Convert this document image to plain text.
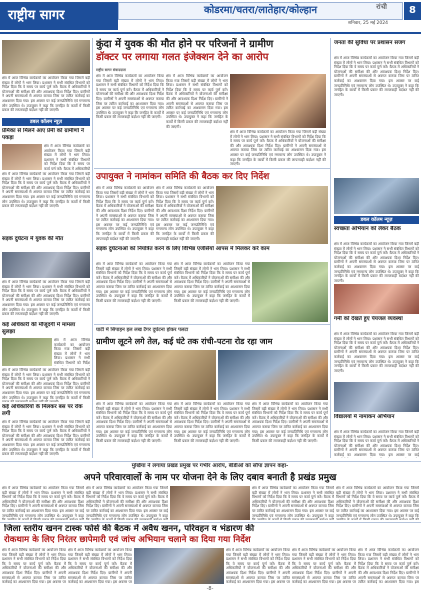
राष्ट्रीय सागर	कोडरमा/चतरा/लातेहार/कोल्हान	रांची
शनिवार, 25 मई 2024
8
क्षेत्र में आज विभिन्न कार्यक्रमों का आयोजन किया गया जिसमें बड़ी संख्या में लोगों ने भाग लिया। प्रशासन ने सभी संबंधित विभागों को निर्देश दिया कि वे समय पर कार्य पूर्ण करें। बैठक में अधिकारियों ने योजनाओं की समीक्षा की और आवश्यक दिशा निर्देश दिए। ग्रामीणों ने अपनी समस्याओं से अवगत कराया जिस पर त्वरित कार्रवाई का आश्वासन दिया गया। इस अवसर पर कई जनप्रतिनिधि एवं गणमान्य लोग उपस्थित थे। उपायुक्त ने कहा कि जनहित के कार्यों में किसी प्रकार की लापरवाही बर्दाश्त नहीं की जाएगी।
डबल कॉलम न्यूज़
प्रेमिका से मिलने आए प्रेमी को ग्रामीणों ने पकड़ा
क्षेत्र में आज विभिन्न कार्यक्रमों का आयोजन किया गया जिसमें बड़ी संख्या में लोगों ने भाग लिया। प्रशासन ने सभी संबंधित विभागों को निर्देश दिया कि वे समय पर कार्य पूर्ण करें। बैठक में अधिकारियों
क्षेत्र में आज विभिन्न कार्यक्रमों का आयोजन किया गया जिसमें बड़ी संख्या में लोगों ने भाग लिया। प्रशासन ने सभी संबंधित विभागों को निर्देश दिया कि वे समय पर कार्य पूर्ण करें। बैठक में अधिकारियों ने योजनाओं की समीक्षा की और आवश्यक दिशा निर्देश दिए। ग्रामीणों ने अपनी समस्याओं से अवगत कराया जिस पर त्वरित कार्रवाई का आश्वासन दिया गया। इस अवसर पर कई जनप्रतिनिधि एवं गणमान्य लोग उपस्थित थे। उपायुक्त ने कहा कि जनहित के कार्यों में किसी प्रकार की लापरवाही बर्दाश्त नहीं की जाएगी।
सड़क दुर्घटना में युवक की मौत
क्षेत्र में आज विभिन्न कार्यक्रमों का आयोजन किया गया जिसमें बड़ी संख्या में लोगों ने भाग लिया। प्रशासन ने सभी संबंधित विभागों को निर्देश दिया कि वे समय पर कार्य पूर्ण करें। बैठक में अधिकारियों ने योजनाओं की समीक्षा की और आवश्यक दिशा निर्देश दिए। ग्रामीणों ने अपनी समस्याओं से अवगत कराया जिस पर त्वरित कार्रवाई का आश्वासन दिया गया। इस अवसर पर कई जनप्रतिनिधि एवं गणमान्य लोग उपस्थित थे। उपायुक्त ने कहा कि जनहित के कार्यों में किसी प्रकार की लापरवाही बर्दाश्त नहीं की जाएगी।
कई अधिकारी की मौजूदगी में मामला सुलझा
क्षेत्र में आज विभिन्न कार्यक्रमों का आयोजन किया गया जिसमें बड़ी संख्या में लोगों ने भाग लिया। प्रशासन ने सभी संबंधित विभागों को निर्देश
क्षेत्र में आज विभिन्न कार्यक्रमों का आयोजन किया गया जिसमें बड़ी संख्या में लोगों ने भाग लिया। प्रशासन ने सभी संबंधित विभागों को निर्देश दिया कि वे समय पर कार्य पूर्ण करें। बैठक में अधिकारियों ने योजनाओं की समीक्षा की और आवश्यक दिशा निर्देश दिए। ग्रामीणों ने अपनी समस्याओं से अवगत कराया जिस पर त्वरित कार्रवाई का आश्वासन दिया गया। इस अवसर पर कई जनप्रतिनिधि एवं गणमान्य लोग उपस्थित थे। उपायुक्त ने कहा कि जनहित के कार्यों में किसी
कई अधिकारियों के मिलकर बस पर रोक लगी
क्षेत्र में आज विभिन्न कार्यक्रमों का आयोजन किया गया जिसमें बड़ी संख्या में लोगों ने भाग लिया। प्रशासन ने सभी संबंधित विभागों को निर्देश दिया कि वे समय पर कार्य पूर्ण करें। बैठक में अधिकारियों ने योजनाओं की समीक्षा की और आवश्यक दिशा निर्देश दिए। ग्रामीणों ने अपनी समस्याओं से अवगत कराया जिस पर त्वरित कार्रवाई का आश्वासन दिया गया। इस अवसर पर कई जनप्रतिनिधि एवं गणमान्य लोग उपस्थित थे। उपायुक्त ने कहा कि जनहित के कार्यों में किसी प्रकार की लापरवाही बर्दाश्त नहीं की जाएगी।
कुंदा में युवक की मौत होने पर परिजनों ने ग्रामीण
डॉक्टर पर लगाया गलत इंजेक्शन देने का आरोप
राष्ट्रीय सागर संवाददाता
क्षेत्र में आज विभिन्न कार्यक्रमों का आयोजन किया गया जिसमें बड़ी संख्या में लोगों ने भाग लिया। प्रशासन ने सभी संबंधित विभागों को निर्देश दिया कि वे समय पर कार्य पूर्ण करें। बैठक में अधिकारियों ने योजनाओं की समीक्षा की और आवश्यक दिशा निर्देश दिए। ग्रामीणों ने अपनी समस्याओं से अवगत कराया जिस पर त्वरित कार्रवाई का आश्वासन दिया गया। इस अवसर पर कई जनप्रतिनिधि एवं गणमान्य लोग उपस्थित थे। उपायुक्त ने कहा कि जनहित के कार्यों में किसी प्रकार की लापरवाही बर्दाश्त नहीं की जाएगी।
क्षेत्र में आज विभिन्न कार्यक्रमों का आयोजन किया गया जिसमें बड़ी संख्या में लोगों ने भाग लिया। प्रशासन ने सभी संबंधित विभागों को निर्देश दिया कि वे समय पर कार्य पूर्ण करें। बैठक में अधिकारियों ने योजनाओं की समीक्षा की और आवश्यक दिशा निर्देश दिए। ग्रामीणों ने अपनी समस्याओं से अवगत कराया जिस पर त्वरित कार्रवाई का आश्वासन दिया गया। इस अवसर पर कई जनप्रतिनिधि एवं गणमान्य लोग उपस्थित थे। उपायुक्त ने कहा कि जनहित के कार्यों में किसी प्रकार की लापरवाही बर्दाश्त नहीं की जाएगी।
क्षेत्र में आज विभिन्न कार्यक्रमों का आयोजन किया गया जिसमें बड़ी संख्या में लोगों ने भाग लिया। प्रशासन ने सभी संबंधित विभागों को निर्देश दिया कि वे समय पर कार्य पूर्ण करें। बैठक में अधिकारियों ने योजनाओं की समीक्षा की और आवश्यक दिशा निर्देश दिए। ग्रामीणों ने अपनी समस्याओं से अवगत कराया जिस पर त्वरित कार्रवाई का आश्वासन दिया गया। इस अवसर पर कई जनप्रतिनिधि एवं गणमान्य लोग उपस्थित थे। उपायुक्त ने कहा कि जनहित के कार्यों में किसी प्रकार की लापरवाही बर्दाश्त नहीं की जाएगी।
जनता की सुविधा पर प्रशासन सजग
क्षेत्र में आज विभिन्न कार्यक्रमों का आयोजन किया गया जिसमें बड़ी संख्या में लोगों ने भाग लिया। प्रशासन ने सभी संबंधित विभागों को निर्देश दिया कि वे समय पर कार्य पूर्ण करें। बैठक में अधिकारियों ने योजनाओं की समीक्षा की और आवश्यक दिशा निर्देश दिए। ग्रामीणों ने अपनी समस्याओं से अवगत कराया जिस पर त्वरित कार्रवाई का आश्वासन दिया गया। इस अवसर पर कई जनप्रतिनिधि एवं गणमान्य लोग उपस्थित थे। उपायुक्त ने कहा कि जनहित के कार्यों में किसी प्रकार की लापरवाही बर्दाश्त नहीं की जाएगी।
डबल कॉलम न्यूज़
उपायुक्त ने नामांकन समिति की बैठक कर दिए निर्देश
क्षेत्र में आज विभिन्न कार्यक्रमों का आयोजन किया गया जिसमें बड़ी संख्या में लोगों ने भाग लिया। प्रशासन ने सभी संबंधित विभागों को निर्देश दिया कि वे समय पर कार्य पूर्ण करें। बैठक में अधिकारियों ने योजनाओं की समीक्षा की और आवश्यक दिशा निर्देश दिए। ग्रामीणों ने अपनी समस्याओं से अवगत कराया जिस पर त्वरित कार्रवाई का आश्वासन दिया गया। इस अवसर पर कई जनप्रतिनिधि एवं गणमान्य लोग उपस्थित थे। उपायुक्त ने कहा कि जनहित के कार्यों में किसी प्रकार की लापरवाही बर्दाश्त नहीं की जाएगी।
क्षेत्र में आज विभिन्न कार्यक्रमों का आयोजन किया गया जिसमें बड़ी संख्या में लोगों ने भाग लिया। प्रशासन ने सभी संबंधित विभागों को निर्देश दिया कि वे समय पर कार्य पूर्ण करें। बैठक में अधिकारियों ने योजनाओं की समीक्षा की और आवश्यक दिशा निर्देश दिए। ग्रामीणों ने अपनी समस्याओं से अवगत कराया जिस पर त्वरित कार्रवाई का आश्वासन दिया गया। इस अवसर पर कई जनप्रतिनिधि एवं गणमान्य लोग उपस्थित थे। उपायुक्त ने कहा कि जनहित के कार्यों में किसी प्रकार की लापरवाही बर्दाश्त नहीं की जाएगी।
सड़क दुर्घटनाओं को नियंत्रित करने के लिए विभिन्न एजेंसियों आपस में मिलकर करें काम
क्षेत्र में आज विभिन्न कार्यक्रमों का आयोजन किया गया जिसमें बड़ी संख्या में लोगों ने भाग लिया। प्रशासन ने सभी संबंधित विभागों को निर्देश दिया कि वे समय पर कार्य पूर्ण करें। बैठक में अधिकारियों ने योजनाओं की समीक्षा की और आवश्यक दिशा निर्देश दिए। ग्रामीणों ने अपनी समस्याओं से अवगत कराया जिस पर त्वरित कार्रवाई का आश्वासन दिया गया। इस अवसर पर कई जनप्रतिनिधि एवं गणमान्य लोग उपस्थित थे। उपायुक्त ने कहा कि जनहित के कार्यों में किसी प्रकार की लापरवाही बर्दाश्त नहीं की जाएगी।
क्षेत्र में आज विभिन्न कार्यक्रमों का आयोजन किया गया जिसमें बड़ी संख्या में लोगों ने भाग लिया। प्रशासन ने सभी संबंधित विभागों को निर्देश दिया कि वे समय पर कार्य पूर्ण करें। बैठक में अधिकारियों ने योजनाओं की समीक्षा की और आवश्यक दिशा निर्देश दिए। ग्रामीणों ने अपनी समस्याओं से अवगत कराया जिस पर त्वरित कार्रवाई का आश्वासन दिया गया। इस अवसर पर कई जनप्रतिनिधि एवं गणमान्य लोग उपस्थित थे। उपायुक्त ने कहा कि जनहित के कार्यों में किसी प्रकार की लापरवाही बर्दाश्त नहीं की जाएगी।
स्वच्छता अभियान को लेकर बैठक
क्षेत्र में आज विभिन्न कार्यक्रमों का आयोजन किया गया जिसमें बड़ी संख्या में लोगों ने भाग लिया। प्रशासन ने सभी संबंधित विभागों को निर्देश दिया कि वे समय पर कार्य पूर्ण करें। बैठक में अधिकारियों ने योजनाओं की समीक्षा की और आवश्यक दिशा निर्देश दिए। ग्रामीणों ने अपनी समस्याओं से अवगत कराया जिस पर त्वरित कार्रवाई का आश्वासन दिया गया। इस अवसर पर कई जनप्रतिनिधि एवं गणमान्य लोग उपस्थित थे। उपायुक्त ने कहा कि जनहित के कार्यों में किसी प्रकार की लापरवाही बर्दाश्त नहीं की जाएगी।
गर्मी को देखते हुए पेयजल व्यवस्था
क्षेत्र में आज विभिन्न कार्यक्रमों का आयोजन किया गया जिसमें बड़ी संख्या में लोगों ने भाग लिया। प्रशासन ने सभी संबंधित विभागों को निर्देश दिया कि वे समय पर कार्य पूर्ण करें। बैठक में अधिकारियों ने योजनाओं की समीक्षा की और आवश्यक दिशा निर्देश दिए। ग्रामीणों ने अपनी समस्याओं से अवगत कराया जिस पर त्वरित कार्रवाई का आश्वासन दिया गया। इस अवसर पर कई जनप्रतिनिधि एवं गणमान्य लोग उपस्थित थे। उपायुक्त ने कहा कि जनहित के कार्यों में किसी प्रकार की लापरवाही बर्दाश्त नहीं की जाएगी।
विद्यालयों में नामांकन अभियान
क्षेत्र में आज विभिन्न कार्यक्रमों का आयोजन किया गया जिसमें बड़ी संख्या में लोगों ने भाग लिया। प्रशासन ने सभी संबंधित विभागों को निर्देश दिया कि वे समय पर कार्य पूर्ण करें। बैठक में अधिकारियों ने योजनाओं की समीक्षा की और आवश्यक दिशा निर्देश दिए। ग्रामीणों ने अपनी समस्याओं से अवगत कराया जिस पर त्वरित कार्रवाई का आश्वासन दिया गया। इस अवसर पर कई
घाटी में सिपाहन हल लख टैगर दुर्घटना होकर पलटा
ग्रामीण लूटने लगे तेल, कई घंटे तक रांची-पटना रोड रहा जाम
क्षेत्र में आज विभिन्न कार्यक्रमों का आयोजन किया गया जिसमें बड़ी संख्या में लोगों ने भाग लिया। प्रशासन ने सभी संबंधित विभागों को निर्देश दिया कि वे समय पर कार्य पूर्ण करें। बैठक में अधिकारियों ने योजनाओं की समीक्षा की और आवश्यक दिशा निर्देश दिए। ग्रामीणों ने अपनी समस्याओं से अवगत कराया जिस पर त्वरित कार्रवाई का आश्वासन दिया गया। इस अवसर पर कई जनप्रतिनिधि एवं गणमान्य लोग उपस्थित थे। उपायुक्त ने कहा कि जनहित के कार्यों में किसी प्रकार की लापरवाही बर्दाश्त नहीं की जाएगी।
क्षेत्र में आज विभिन्न कार्यक्रमों का आयोजन किया गया जिसमें बड़ी संख्या में लोगों ने भाग लिया। प्रशासन ने सभी संबंधित विभागों को निर्देश दिया कि वे समय पर कार्य पूर्ण करें। बैठक में अधिकारियों ने योजनाओं की समीक्षा की और आवश्यक दिशा निर्देश दिए। ग्रामीणों ने अपनी समस्याओं से अवगत कराया जिस पर त्वरित कार्रवाई का आश्वासन दिया गया। इस अवसर पर कई जनप्रतिनिधि एवं गणमान्य लोग उपस्थित थे। उपायुक्त ने कहा कि जनहित के कार्यों में किसी प्रकार की लापरवाही बर्दाश्त नहीं की जाएगी।
क्षेत्र में आज विभिन्न कार्यक्रमों का आयोजन किया गया जिसमें बड़ी संख्या में लोगों ने भाग लिया। प्रशासन ने सभी संबंधित विभागों को निर्देश दिया कि वे समय पर कार्य पूर्ण करें। बैठक में अधिकारियों ने योजनाओं की समीक्षा की और आवश्यक दिशा निर्देश दिए। ग्रामीणों ने अपनी समस्याओं से अवगत कराया जिस पर त्वरित कार्रवाई का आश्वासन दिया गया। इस अवसर पर कई जनप्रतिनिधि एवं गणमान्य लोग उपस्थित थे। उपायुक्त ने कहा कि जनहित के कार्यों में किसी प्रकार की लापरवाही बर्दाश्त नहीं की जाएगी।
मुखिया ने लगाया प्रखंड प्रमुख पर गंभीर आरोप, बीडीओ को सौंपा ज्ञापन कहा-
अपने परिवारवालों के नाम पर योजना देने के लिए दबाव बनाती है प्रखंड प्रमुख
क्षेत्र में आज विभिन्न कार्यक्रमों का आयोजन किया गया जिसमें बड़ी संख्या में लोगों ने भाग लिया। प्रशासन ने सभी संबंधित विभागों को निर्देश दिया कि वे समय पर कार्य पूर्ण करें। बैठक में अधिकारियों ने योजनाओं की समीक्षा की और आवश्यक दिशा निर्देश दिए। ग्रामीणों ने अपनी समस्याओं से अवगत कराया जिस पर त्वरित कार्रवाई का आश्वासन दिया गया। इस अवसर पर कई जनप्रतिनिधि एवं गणमान्य लोग उपस्थित थे। उपायुक्त ने कहा
क्षेत्र में आज विभिन्न कार्यक्रमों का आयोजन किया गया जिसमें बड़ी संख्या में लोगों ने भाग लिया। प्रशासन ने सभी संबंधित विभागों को निर्देश दिया कि वे समय पर कार्य पूर्ण करें। बैठक में अधिकारियों ने योजनाओं की समीक्षा की और आवश्यक दिशा निर्देश दिए। ग्रामीणों ने अपनी समस्याओं से अवगत कराया जिस पर त्वरित कार्रवाई का आश्वासन दिया गया। इस अवसर पर कई जनप्रतिनिधि एवं गणमान्य लोग उपस्थित थे। उपायुक्त ने कहा
क्षेत्र में आज विभिन्न कार्यक्रमों का आयोजन किया गया जिसमें बड़ी संख्या में लोगों ने भाग लिया। प्रशासन ने सभी संबंधित विभागों को निर्देश दिया कि वे समय पर कार्य पूर्ण करें। बैठक में अधिकारियों ने योजनाओं की समीक्षा की और आवश्यक दिशा निर्देश दिए। ग्रामीणों ने अपनी समस्याओं से अवगत कराया जिस पर त्वरित कार्रवाई का आश्वासन दिया गया। इस अवसर पर कई जनप्रतिनिधि एवं गणमान्य लोग उपस्थित थे। उपायुक्त ने कहा
क्षेत्र में आज विभिन्न कार्यक्रमों का आयोजन किया गया जिसमें बड़ी संख्या में लोगों ने भाग लिया। प्रशासन ने सभी संबंधित विभागों को निर्देश दिया कि वे समय पर कार्य पूर्ण करें। बैठक में अधिकारियों ने योजनाओं की समीक्षा की और आवश्यक दिशा निर्देश दिए। ग्रामीणों ने अपनी समस्याओं से अवगत कराया जिस पर त्वरित कार्रवाई का आश्वासन दिया गया। इस अवसर पर कई जनप्रतिनिधि एवं गणमान्य लोग उपस्थित थे। उपायुक्त ने कहा कि
जिला स्तरीय खनन टास्क फोर्स की बैठक में अवैध खनन, परिवहन व भंडारण की
रोकथाम के लिए निरंतर छापेमारी एवं जांच अभियान चलाने का दिया गया निर्देश
क्षेत्र में आज विभिन्न कार्यक्रमों का आयोजन किया गया जिसमें बड़ी संख्या में लोगों ने भाग लिया। प्रशासन ने सभी संबंधित विभागों को निर्देश दिया कि वे समय पर कार्य पूर्ण करें। बैठक में अधिकारियों ने योजनाओं की समीक्षा की और आवश्यक दिशा निर्देश दिए। ग्रामीणों ने अपनी समस्याओं से अवगत कराया जिस पर त्वरित कार्रवाई का आश्वासन दिया गया। इस अवसर पर
क्षेत्र में आज विभिन्न कार्यक्रमों का आयोजन किया गया जिसमें बड़ी संख्या में लोगों ने भाग लिया। प्रशासन ने सभी संबंधित विभागों को निर्देश दिया कि वे समय पर कार्य पूर्ण करें। बैठक में अधिकारियों ने योजनाओं की समीक्षा की और आवश्यक दिशा निर्देश दिए। ग्रामीणों ने अपनी समस्याओं से अवगत कराया जिस पर त्वरित कार्रवाई का आश्वासन दिया गया। इस अवसर पर
क्षेत्र में आज विभिन्न कार्यक्रमों का आयोजन किया गया जिसमें बड़ी संख्या में लोगों ने भाग लिया। प्रशासन ने सभी संबंधित विभागों को निर्देश दिया कि वे समय पर कार्य पूर्ण करें। बैठक में अधिकारियों ने योजनाओं की समीक्षा की और आवश्यक दिशा निर्देश दिए। ग्रामीणों ने अपनी समस्याओं से अवगत कराया जिस पर त्वरित कार्रवाई का आश्वासन दिया गया। इस अवसर पर
क्षेत्र में आज विभिन्न कार्यक्रमों का आयोजन किया गया जिसमें बड़ी संख्या में लोगों ने भाग लिया। प्रशासन ने सभी संबंधित विभागों को निर्देश दिया कि वे समय पर कार्य पूर्ण करें। बैठक में अधिकारियों ने योजनाओं की समीक्षा की और आवश्यक दिशा निर्देश दिए। ग्रामीणों ने अपनी समस्याओं से अवगत कराया जिस पर त्वरित कार्रवाई का आश्वासन दिया गया। इस अवसर पर
क्षेत्र में आज विभिन्न कार्यक्रमों का आयोजन किया गया जिसमें बड़ी संख्या में लोगों ने भाग लिया। प्रशासन ने सभी संबंधित विभागों को निर्देश दिया कि वे समय पर कार्य पूर्ण करें। बैठक में अधिकारियों ने योजनाओं की समीक्षा की और आवश्यक दिशा निर्देश दिए। ग्रामीणों ने अपनी समस्याओं से अवगत कराया जिस पर त्वरित कार्रवाई का आश्वासन दिया गया। इस
-8-
